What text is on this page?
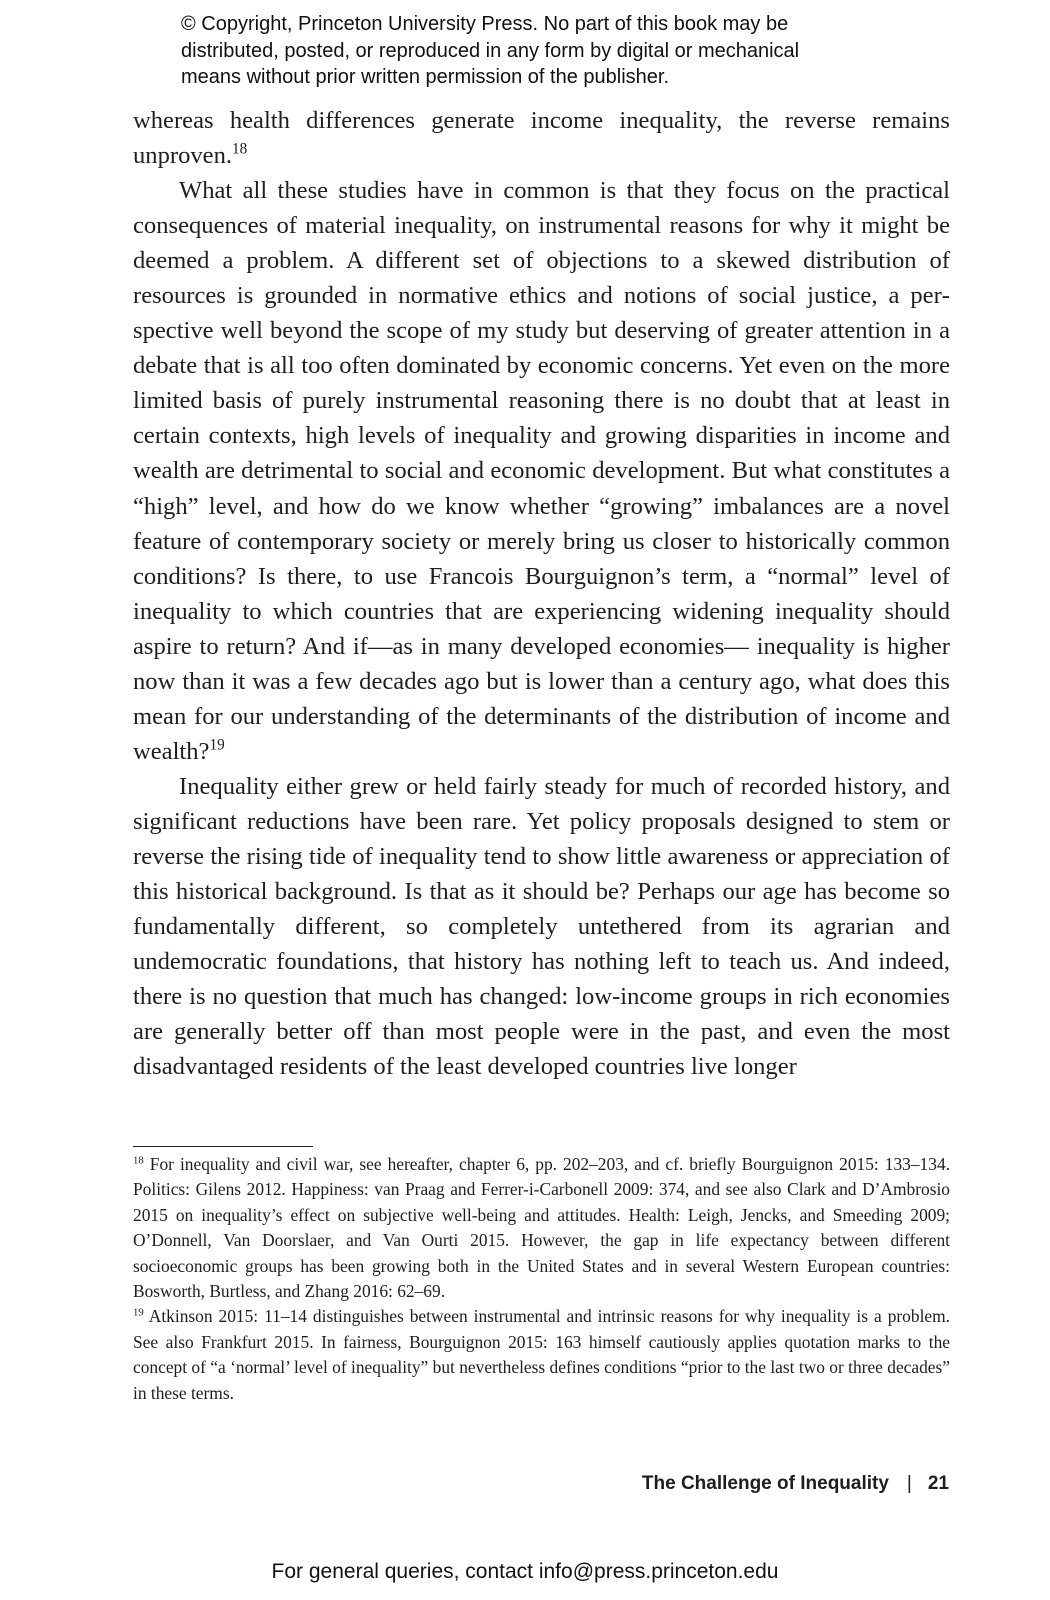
© Copyright, Princeton University Press. No part of this book may be
distributed, posted, or reproduced in any form by digital or mechanical
means without prior written permission of the publisher.

whereas health differences generate income inequality, the reverse remains unproven.$^{18}$

What all these studies have in common is that they focus on the practical consequences of material inequality, on instrumental reasons for why it might be deemed a problem. A different set of objections to a skewed distribution of resources is grounded in normative ethics and notions of social justice, a perspective well beyond the scope of my study but deserving of greater attention in a debate that is all too often dominated by economic concerns. Yet even on the more limited basis of purely instrumental reasoning there is no doubt that at least in certain contexts, high levels of inequality and growing disparities in income and wealth are detrimental to social and economic development. But what constitutes a “high” level, and how do we know whether “growing” imbalances are a novel feature of contemporary society or merely bring us closer to historically common conditions? Is there, to use Francois Bourguignon’s term, a “normal” level of inequality to which countries that are experiencing widening inequality should aspire to return? And if—as in many developed economies— inequality is higher now than it was a few decades ago but is lower than a century ago, what does this mean for our understanding of the determinants of the distribution of income and wealth?$^{19}$

Inequality either grew or held fairly steady for much of recorded history, and significant reductions have been rare. Yet policy proposals designed to stem or reverse the rising tide of inequality tend to show little awareness or appreciation of this historical background. Is that as it should be? Perhaps our age has become so fundamentally different, so completely untethered from its agrarian and undemocratic foundations, that history has nothing left to teach us. And indeed, there is no question that much has changed: low-income groups in rich economies are generally better off than most people were in the past, and even the most disadvantaged residents of the least developed countries live longer

$^{18}$ For inequality and civil war, see hereafter, chapter 6, pp. 202–203, and cf. briefly Bourguignon 2015: 133–134. Politics: Gilens 2012. Happiness: van Praag and Ferrer-i-Carbonell 2009: 374, and see also Clark and D’Ambrosio 2015 on inequality’s effect on subjective well-being and attitudes. Health: Leigh, Jencks, and Smeeding 2009; O’Donnell, Van Doorslaer, and Van Ourti 2015. However, the gap in life expectancy between different socioeconomic groups has been growing both in the United States and in several Western European countries: Bosworth, Burtless, and Zhang 2016: 62–69.

$^{19}$ Atkinson 2015: 11–14 distinguishes between instrumental and intrinsic reasons for why inequality is a problem. See also Frankfurt 2015. In fairness, Bourguignon 2015: 163 himself cautiously applies quotation marks to the concept of “a ‘normal’ level of inequality” but nevertheless defines conditions “prior to the last two or three decades” in these terms.

The Challenge of Inequality | 21
For general queries, contact info@press.princeton.edu
